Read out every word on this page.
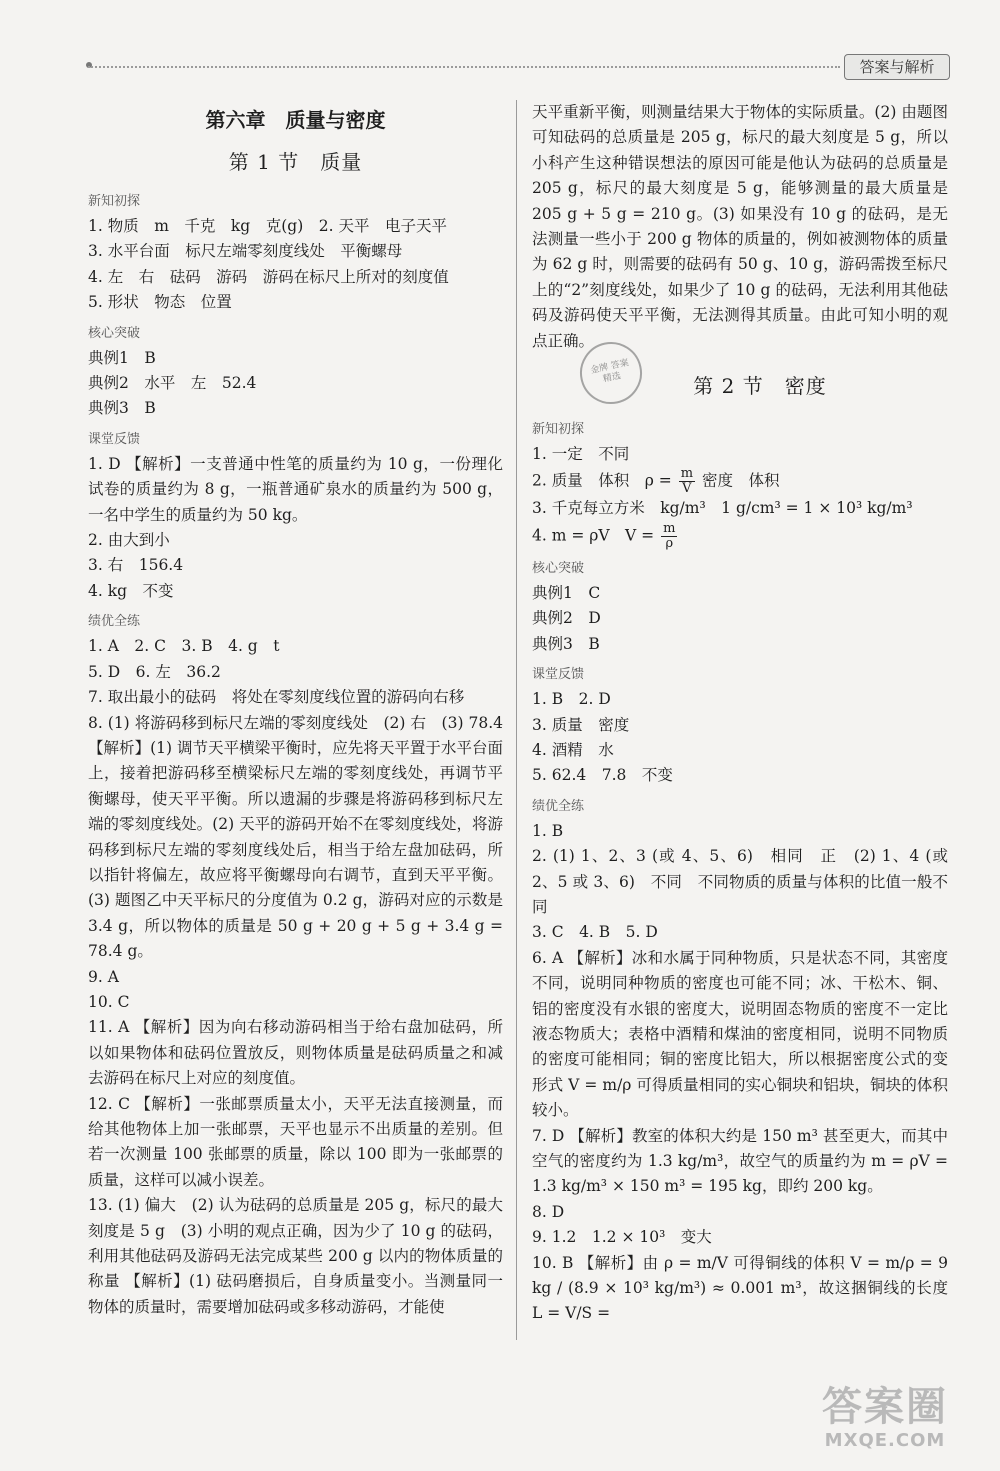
答案与解析
第六章　质量与密度
第 1 节　质量
新知初探
1. 物质　m　千克　kg　克(g)　2. 天平　电子天平
3. 水平台面　标尺左端零刻度线处　平衡螺母
4. 左　右　砝码　游码　游码在标尺上所对的刻度值
5. 形状　物态　位置
核心突破
典例1　B
典例2　水平　左　52.4
典例3　B
课堂反馈
1. D 【解析】一支普通中性笔的质量约为 10 g，一份理化试卷的质量约为 8 g，一瓶普通矿泉水的质量约为 500 g，一名中学生的质量约为 50 kg。
2. 由大到小
3. 右　156.4
4. kg　不变
绩优全练
1. A　2. C　3. B　4. g　t
5. D　6. 左　36.2
7. 取出最小的砝码　将处在零刻度线位置的游码向右移
8. (1) 将游码移到标尺左端的零刻度线处　(2) 右　(3) 78.4 【解析】(1) 调节天平横梁平衡时，应先将天平置于水平台面上，接着把游码移至横梁标尺左端的零刻度线处，再调节平衡螺母，使天平平衡。所以遗漏的步骤是将游码移到标尺左端的零刻度线处。(2) 天平的游码开始不在零刻度线处，将游码移到标尺左端的零刻度线处后，相当于给左盘加砝码，所以指针将偏左，故应将平衡螺母向右调节，直到天平平衡。(3) 题图乙中天平标尺的分度值为 0.2 g，游码对应的示数是 3.4 g，所以物体的质量是 50 g + 20 g + 5 g + 3.4 g = 78.4 g。
9. A
10. C
11. A 【解析】因为向右移动游码相当于给右盘加砝码，所以如果物体和砝码位置放反，则物体质量是砝码质量之和减去游码在标尺上对应的刻度值。
12. C 【解析】一张邮票质量太小，天平无法直接测量，而给其他物体上加一张邮票，天平也显示不出质量的差别。但若一次测量 100 张邮票的质量，除以 100 即为一张邮票的质量，这样可以减小误差。
13. (1) 偏大　(2) 认为砝码的总质量是 205 g，标尺的最大刻度是 5 g　(3) 小明的观点正确，因为少了 10 g 的砝码，利用其他砝码及游码无法完成某些 200 g 以内的物体质量的称量 【解析】(1) 砝码磨损后，自身质量变小。当测量同一物体的质量时，需要增加砝码或多移动游码，才能使
天平重新平衡，则测量结果大于物体的实际质量。(2) 由题图可知砝码的总质量是 205 g，标尺的最大刻度是 5 g，所以小科产生这种错误想法的原因可能是他认为砝码的总质量是 205 g，标尺的最大刻度是 5 g，能够测量的最大质量是 205 g + 5 g = 210 g。(3) 如果没有 10 g 的砝码，是无法测量一些小于 200 g 物体的质量的，例如被测物体的质量为 62 g 时，则需要的砝码有 50 g、10 g，游码需拨至标尺上的“2”刻度线处，如果少了 10 g 的砝码，无法利用其他砝码及游码使天平平衡，无法测得其质量。由此可知小明的观点正确。
第 2 节　密度
新知初探
1. 一定　不同
2. 质量　体积　$\rho = \frac{m}{V}$ 密度　体积
3. 千克每立方米　kg/m³　1 g/cm³ = 1 × 10³ kg/m³
4. m = ρV　$V = \frac{m}{\rho}$
核心突破
典例1　C
典例2　D
典例3　B
课堂反馈
1. B　2. D
3. 质量　密度
4. 酒精　水
5. 62.4　7.8　不变
绩优全练
1. B
2. (1) 1、2、3 (或 4、5、6)　相同　正　(2) 1、4 (或 2、5 或 3、6)　不同　不同物质的质量与体积的比值一般不同
3. C　4. B　5. D
6. A 【解析】冰和水属于同种物质，只是状态不同，其密度不同，说明同种物质的密度也可能不同；冰、干松木、铜、铝的密度没有水银的密度大，说明固态物质的密度不一定比液态物质大；表格中酒精和煤油的密度相同，说明不同物质的密度可能相同；铜的密度比铝大，所以根据密度公式的变形式 V = m/ρ 可得质量相同的实心铜块和铝块，铜块的体积较小。
7. D 【解析】教室的体积大约是 150 m³ 甚至更大，而其中空气的密度约为 1.3 kg/m³，故空气的质量约为 m = ρV = 1.3 kg/m³ × 150 m³ = 195 kg，即约 200 kg。
8. D
9. 1.2　1.2 × 10³　变大
10. B 【解析】由 ρ = m/V 可得铜线的体积 V = m/ρ = 9 kg / (8.9 × 10³ kg/m³) ≈ 0.001 m³，故这捆铜线的长度 L = V/S =
金牌 答案 精选
答案圈
MXQE.COM
